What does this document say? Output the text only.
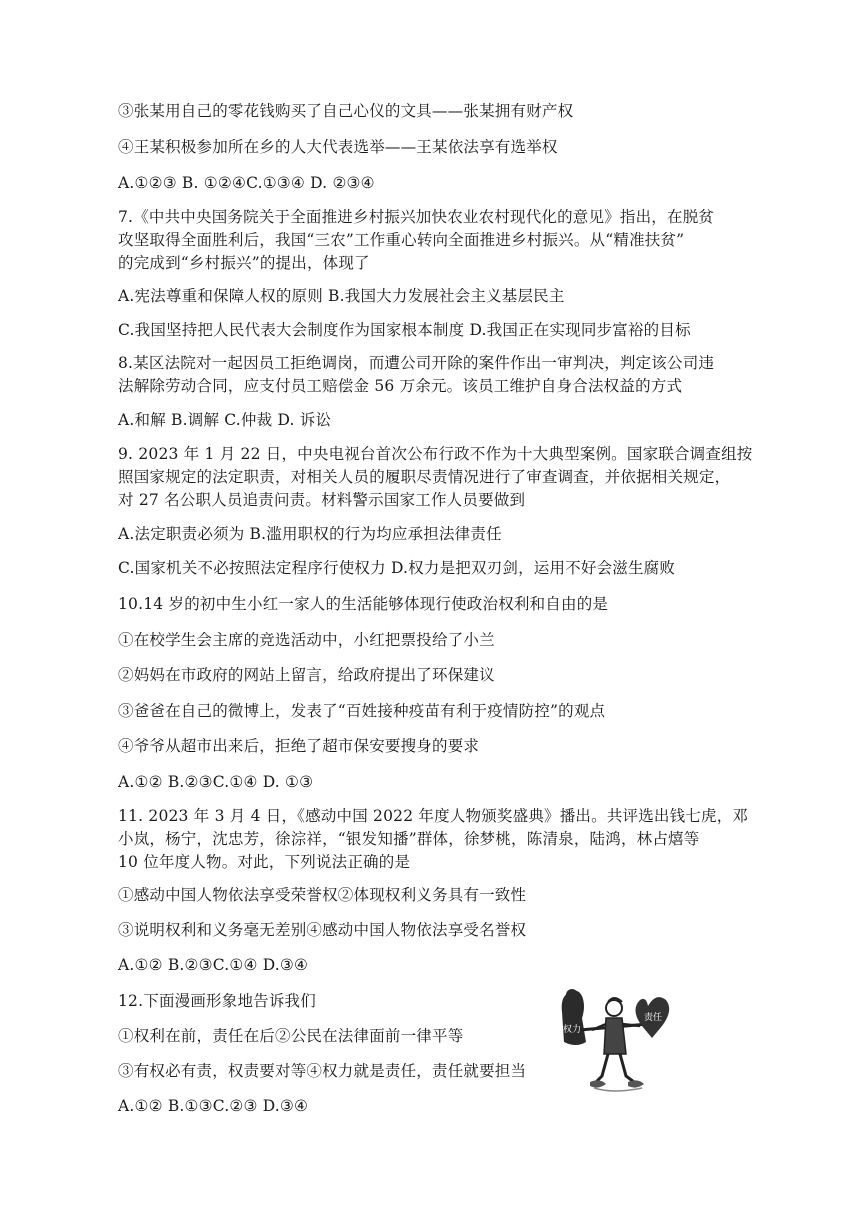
③张某用自己的零花钱购买了自己心仪的文具——张某拥有财产权
④王某积极参加所在乡的人大代表选举——王某依法享有选举权
A.①②③ B. ①②④C.①③④ D. ②③④
7.《中共中央国务院关于全面推进乡村振兴加快农业农村现代化的意见》指出，在脱贫
攻坚取得全面胜利后，我国“三农”工作重心转向全面推进乡村振兴。从“精准扶贫”
的完成到“乡村振兴”的提出，体现了
A.宪法尊重和保障人权的原则 B.我国大力发展社会主义基层民主
C.我国坚持把人民代表大会制度作为国家根本制度 D.我国正在实现同步富裕的目标
8.某区法院对一起因员工拒绝调岗，而遭公司开除的案件作出一审判决，判定该公司违
法解除劳动合同，应支付员工赔偿金 56 万余元。该员工维护自身合法权益的方式
A.和解 B.调解 C.仲裁 D. 诉讼
9. 2023 年 1 月 22 日，中央电视台首次公布行政不作为十大典型案例。国家联合调查组按
照国家规定的法定职责，对相关人员的履职尽责情况进行了审查调查，并依据相关规定，
对 27 名公职人员追责问责。材料警示国家工作人员要做到
A.法定职责必须为 B.滥用职权的行为均应承担法律责任
C.国家机关不必按照法定程序行使权力 D.权力是把双刃剑，运用不好会滋生腐败
10.14 岁的初中生小红一家人的生活能够体现行使政治权利和自由的是
①在校学生会主席的竞选活动中，小红把票投给了小兰
②妈妈在市政府的网站上留言，给政府提出了环保建议
③爸爸在自己的微博上，发表了“百姓接种疫苗有利于疫情防控”的观点
④爷爷从超市出来后，拒绝了超市保安要搜身的要求
A.①② B.②③C.①④ D. ①③
11. 2023 年 3 月 4 日，《感动中国 2022 年度人物颁奖盛典》播出。共评选出钱七虎，邓
小岚，杨宁，沈忠芳，徐淙祥，“银发知播”群体，徐梦桃，陈清泉，陆鸿，林占熺等
10 位年度人物。对此，下列说法正确的是
①感动中国人物依法享受荣誉权②体现权利义务具有一致性
③说明权利和义务毫无差别④感动中国人物依法享受名誉权
A.①② B.②③C.①④ D.③④
12.下面漫画形象地告诉我们
①权利在前，责任在后②公民在法律面前一律平等
③有权必有责，权责要对等④权力就是责任，责任就要担当
A.①② B.①③C.②③ D.③④
权力
责任
